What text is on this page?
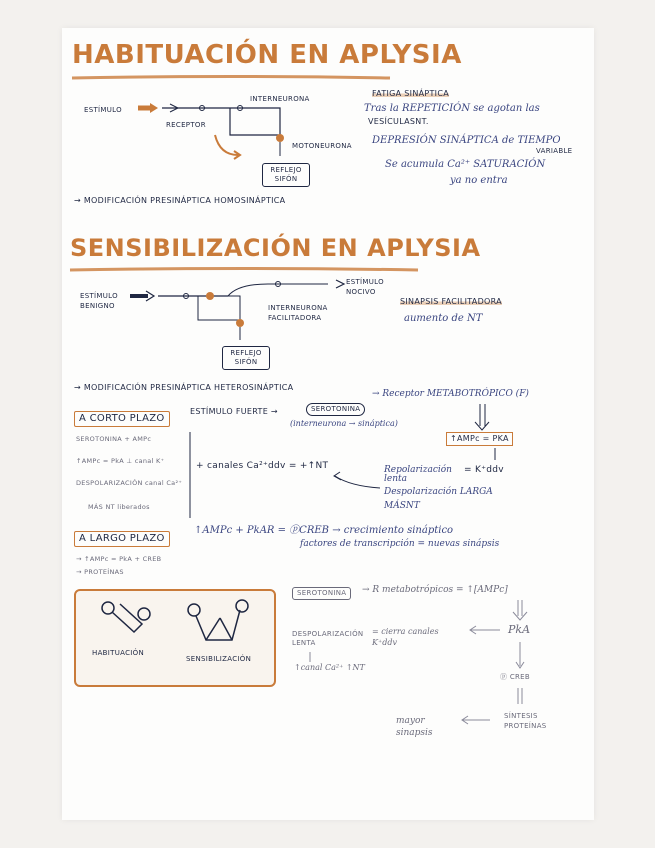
HABITUACIÓN EN APLYSIA
ESTÍMULO
RECEPTOR
INTERNEURONA
MOTONEURONA
REFLEJO SIFÓN
→ MODIFICACIÓN PRESINÁPTICA HOMOSINÁPTICA
FATIGA SINÁPTICA
Tras la REPETICIÓN se agotan las
VESÍCULASNT.
DEPRESIÓN SINÁPTICA de TIEMPO
VARIABLE
Se acumula Ca²⁺ SATURACIÓN
ya no entra
SENSIBILIZACIÓN EN APLYSIA
ESTÍMULO BENIGNO
ESTÍMULO NOCIVO
INTERNEURONA FACILITADORA
REFLEJO SIFÓN
SINAPSIS FACILITADORA
aumento de NT
→ MODIFICACIÓN PRESINÁPTICA HETEROSINÁPTICA
A CORTO PLAZO
ESTÍMULO FUERTE →	SEROTONINA
→ Receptor METABOTRÓPICO (F)
(interneurona → sináptica)
↑AMPc = PKA
SEROTONINA + AMPc
↑AMPc = PkA ⊥ canal K⁺
DESPOLARIZACIÓN canal Ca²⁺
MÁS NT liberados
+ canales Ca²⁺ddv = +↑NT	Repolarización lenta
= K⁺ddv
Despolarización LARGA
MÁSNT
A LARGO PLAZO
↑AMPc + PkAR = ⓟCREB → crecimiento sináptico
factores de transcripción = nuevas sinápsis
→ ↑AMPc = PkA + CREB
→ PROTEÍNAS
HABITUACIÓN
SENSIBILIZACIÓN
SEROTONINA	→ R metabotrópicos = ↑[AMPc]
PkA
DESPOLARIZACIÓN LENTA
= cierra canales K⁺ddv
↑canal Ca²⁺ ↑NT
ⓟ CREB
SÍNTESIS PROTEÍNAS
mayor sinapsis
